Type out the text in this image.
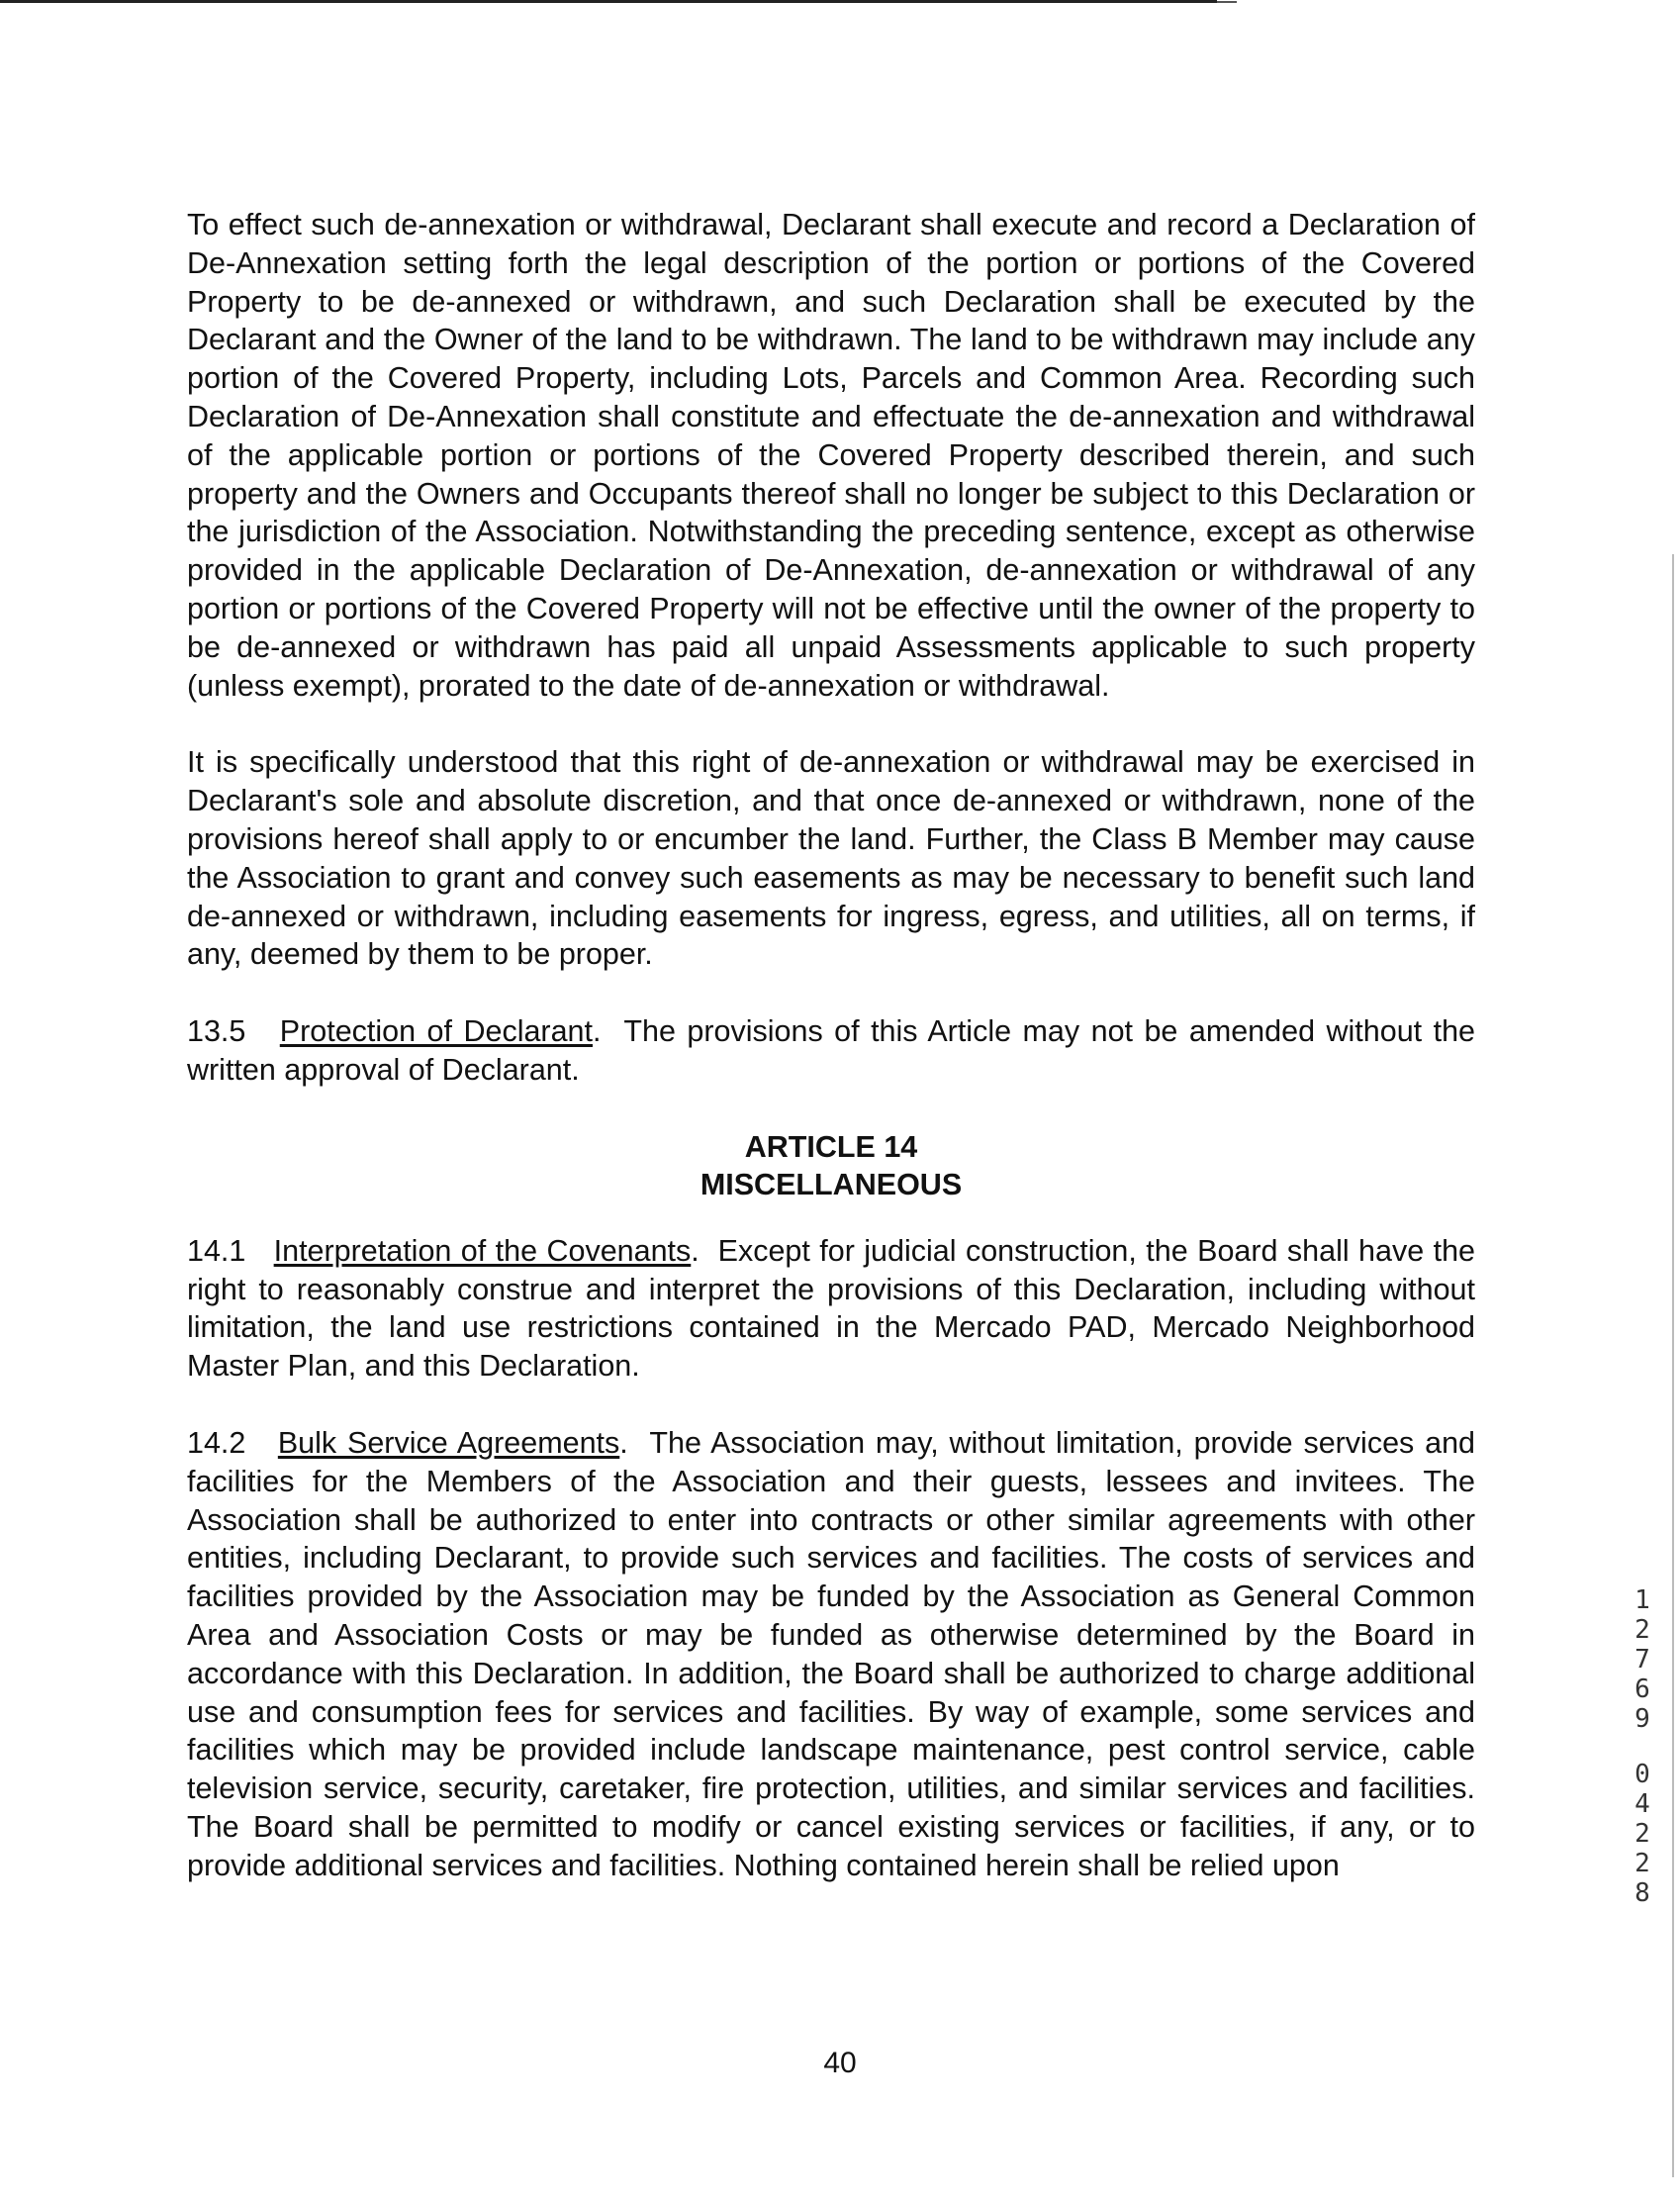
To effect such de-annexation or withdrawal, Declarant shall execute and record a Declaration of De-Annexation setting forth the legal description of the portion or portions of the Covered Property to be de-annexed or withdrawn, and such Declaration shall be executed by the Declarant and the Owner of the land to be withdrawn. The land to be withdrawn may include any portion of the Covered Property, including Lots, Parcels and Common Area. Recording such Declaration of De-Annexation shall constitute and effectuate the de-annexation and withdrawal of the applicable portion or portions of the Covered Property described therein, and such property and the Owners and Occupants thereof shall no longer be subject to this Declaration or the jurisdiction of the Association. Notwithstanding the preceding sentence, except as otherwise provided in the applicable Declaration of De-Annexation, de-annexation or withdrawal of any portion or portions of the Covered Property will not be effective until the owner of the property to be de-annexed or withdrawn has paid all unpaid Assessments applicable to such property (unless exempt), prorated to the date of de-annexation or withdrawal.

It is specifically understood that this right of de-annexation or withdrawal may be exercised in Declarant's sole and absolute discretion, and that once de-annexed or withdrawn, none of the provisions hereof shall apply to or encumber the land. Further, the Class B Member may cause the Association to grant and convey such easements as may be necessary to benefit such land de-annexed or withdrawn, including easements for ingress, egress, and utilities, all on terms, if any, deemed by them to be proper.

13.5 Protection of Declarant.  The provisions of this Article may not be amended without the written approval of Declarant.

ARTICLE 14
MISCELLANEOUS

14.1 Interpretation of the Covenants.  Except for judicial construction, the Board shall have the right to reasonably construe and interpret the provisions of this Declaration, including without limitation, the land use restrictions contained in the Mercado PAD, Mercado Neighborhood Master Plan, and this Declaration.

14.2 Bulk Service Agreements.  The Association may, without limitation, provide services and facilities for the Members of the Association and their guests, lessees and invitees. The Association shall be authorized to enter into contracts or other similar agreements with other entities, including Declarant, to provide such services and facilities. The costs of services and facilities provided by the Association may be funded by the Association as General Common Area and Association Costs or may be funded as otherwise determined by the Board in accordance with this Declaration. In addition, the Board shall be authorized to charge additional use and consumption fees for services and facilities. By way of example, some services and facilities which may be provided include landscape maintenance, pest control service, cable television service, security, caretaker, fire protection, utilities, and similar services and facilities. The Board shall be permitted to modify or cancel existing services or facilities, if any, or to provide additional services and facilities. Nothing contained herein shall be relied upon

1
2
7
6
9
0
4
2
2
8
40
